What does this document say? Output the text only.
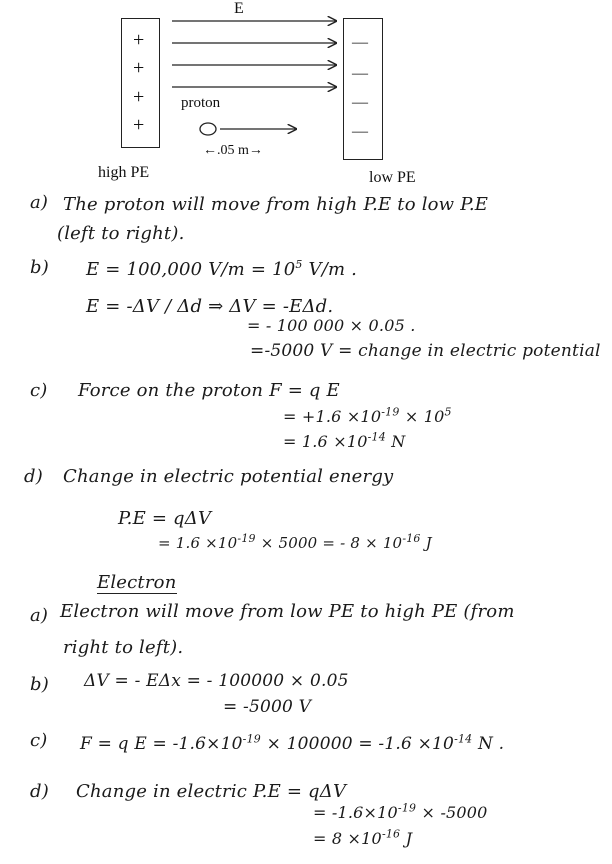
+
+
+
+
—
—
—
—
E
proton
←.05 m→
high PE	low PE
a) The proton will move from high P.E to low P.E
(left to right).
b) E = 100,000 $V/m = 10^5$ V/m .
E = -ΔV / Δd ⇒ ΔV = -EΔd.
= - 100 000 × 0.05 .
=-5000 V = change in electric potential
c) Force on the proton F = q E
= $+1.6 \times 10^{-19} \times 10^5$
= $1.6 \times 10^{-14}$ N
d) Change in electric potential energy
P.E = qΔV
= $1.6 \times 10^{-19} \times 5000$ = - $8 \times 10^{-16}$ J
Electron
a) Electron will move from low PE to high PE (from
right to left).
b) ΔV = - EΔx = - 100000 × 0.05
= -5000 V
c) F = q $E = -1.6\times 10^{-19} \times 100000 = -1.6 \times 10^{-14}$ N .
d) Change in electric P.E = qΔV
= $-1.6\times 10^{-19} \times -5000$
= $8 \times 10^{-16}$ J
